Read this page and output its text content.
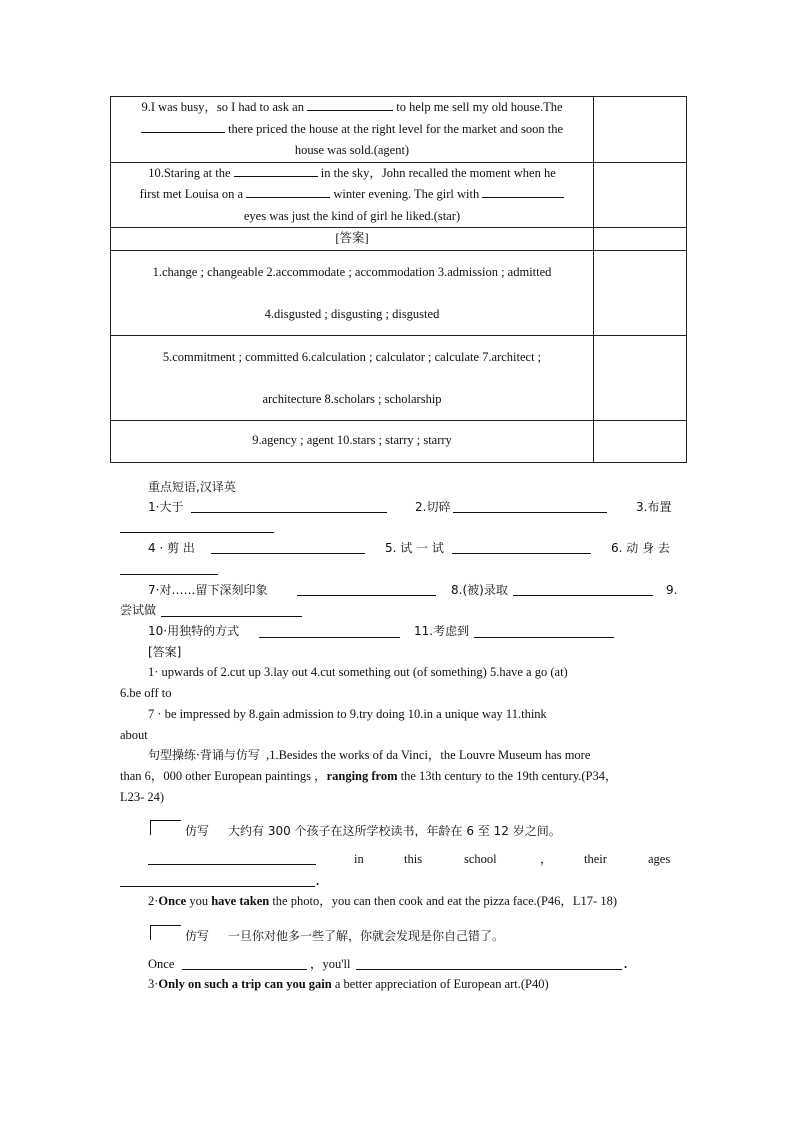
9.I was busy，so I had to ask an to help me sell my old house.The
there priced the house at the right level for the market and soon the
house was sold.(agent)	

10.Staring at the in the sky，John recalled the moment when he
first met Louisa on a winter evening. The girl with
eyes was just the kind of girl he liked.(star)	

[答案]	

1.change ; changeable 2.accommodate ; accommodation 3.admission ; admitted
4.disgusted ; disgusting ; disgusted	

5.commitment ; committed 6.calculation ; calculator ; calculate 7.architect ;
architecture 8.scholars ; scholarship	

9.agency ; agent 10.stars ; starry ; starry	

重点短语,汉译英
1·大于	2.切碎	3.布置
4 · 剪 出	5. 试 一 试	6. 动 身 去
7·对……留下深刻印象	8.(被)录取	9.
尝试做
10·用独特的方式	11.考虑到
[答案]
1· upwards of 2.cut up 3.lay out 4.cut something out (of something) 5.have a go (at)
6.be off to
7 · be impressed by 8.gain admission to 9.try doing 10.in a unique way 11.think
about
句型操练·背诵与仿写 ,1.Besides the works of da Vinci，the Louvre Museum has more
than 6，000 other European paintings ，ranging from the 13th century to the 19th century.(P34，
L23- 24)
仿写 大约有 300 个孩子在这所学校读书，年龄在 6 至 12 岁之间。
in	this	school	，	their	ages
.
2·Once you have taken the photo，you can then cook and eat the pizza face.(P46，L17- 18)
仿写 一旦你对他多一些了解，你就会发现是你自己错了。
Once	，you'll	.
3·Only on such a trip can you gain a better appreciation of European art.(P40)
